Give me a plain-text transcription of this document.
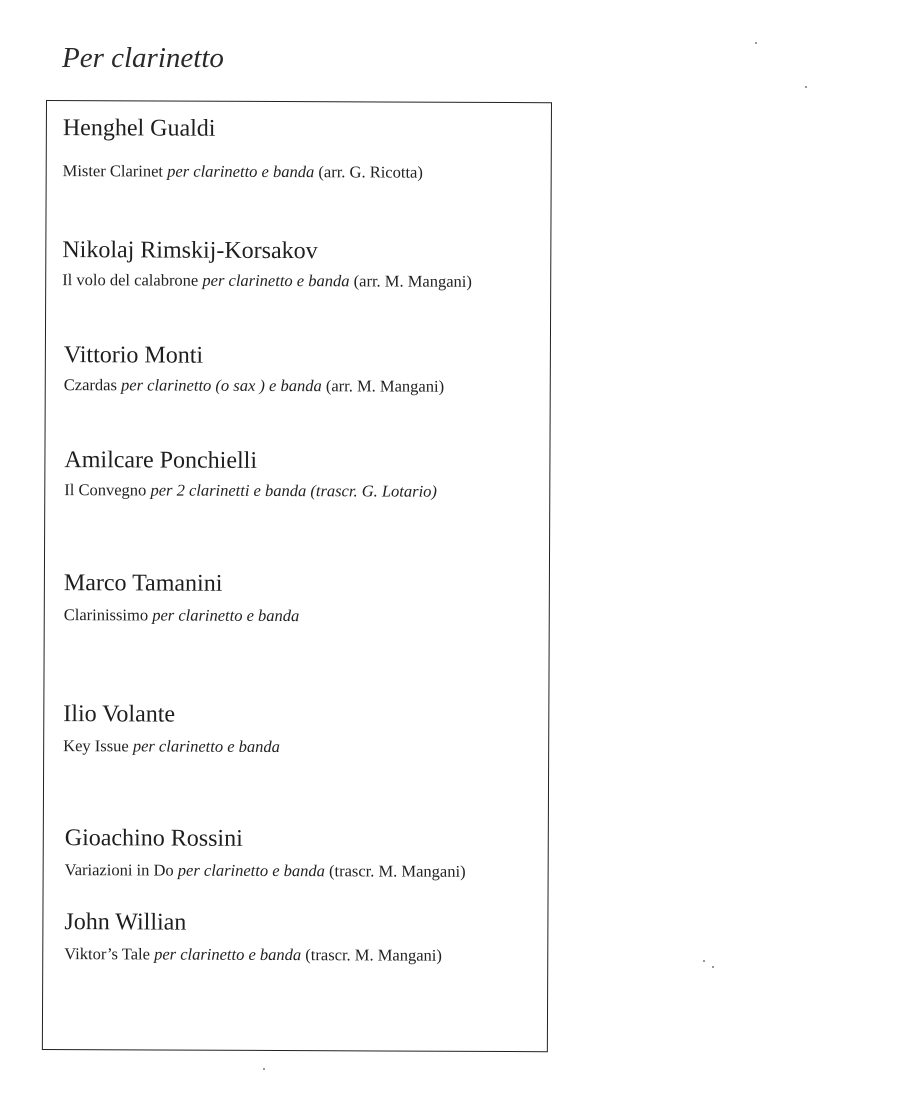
Per clarinetto

Henghel Gualdi

Mister Clarinet per clarinetto e banda (arr. G. Ricotta)

Nikolaj Rimskij-Korsakov

Il volo del calabrone per clarinetto e banda (arr. M. Mangani)

Vittorio Monti

Czardas per clarinetto (o sax ) e banda (arr. M. Mangani)

Amilcare Ponchielli

Il Convegno per 2 clarinetti e banda (trascr. G. Lotario)

Marco Tamanini

Clarinissimo per clarinetto e banda

Ilio Volante

Key Issue per clarinetto e banda

Gioachino Rossini

Variazioni in Do per clarinetto e banda (trascr. M. Mangani)

John Willian

Viktor’s Tale per clarinetto e banda (trascr. M. Mangani)
